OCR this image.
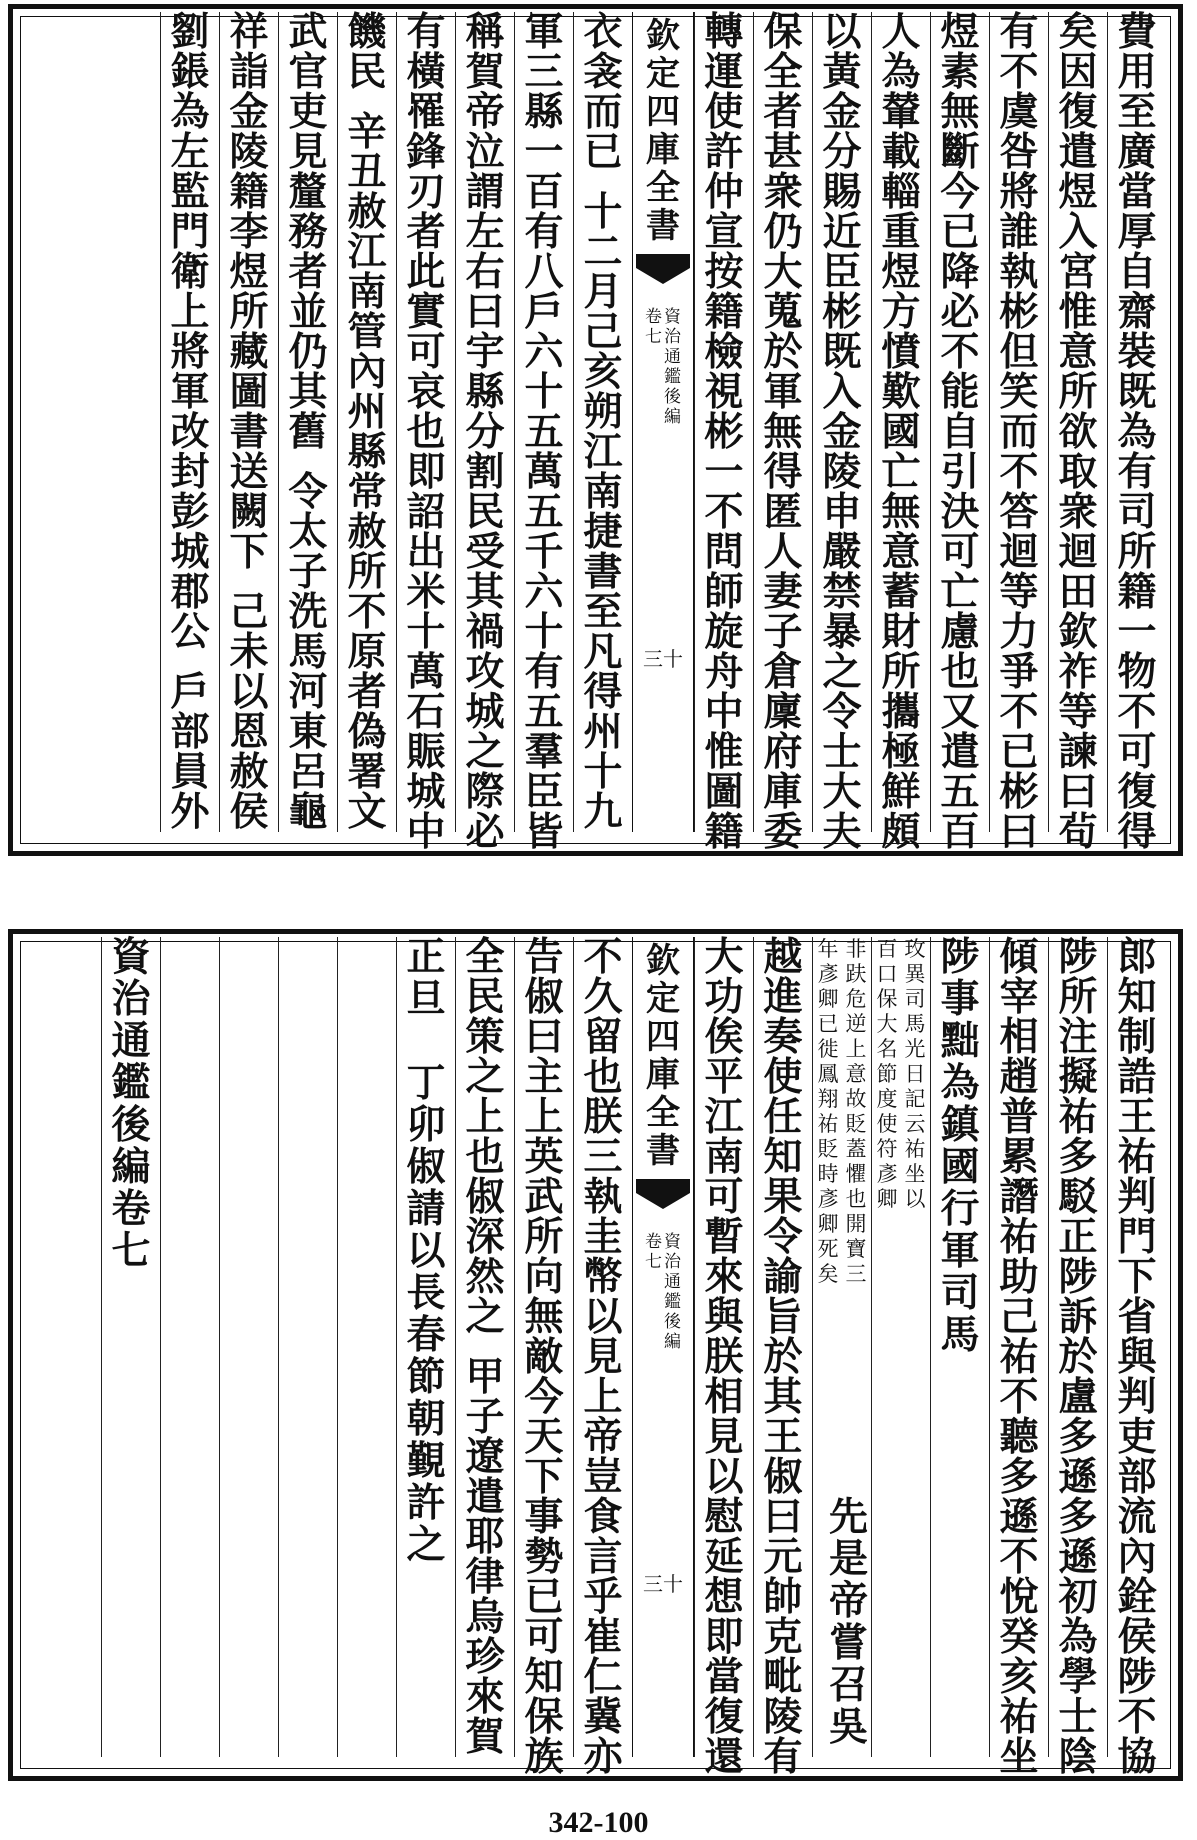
費
用
至
廣
當
厚
自
齋
裝
既
為
有
司
所
籍
一
物
不
可
復
得
矣
因
復
遣
煜
入
宮
惟
意
所
欲
取
衆
迴
田
欽
祚
等
諫
曰
茍
有
不
虞
咎
將
誰
執
彬
但
笑
而
不
答
迴
等
力
爭
不
已
彬
曰
煜
素
無
斷
今
已
降
必
不
能
自
引
決
可
亡
慮
也
又
遣
五
百
人
為
輦
載
輜
重
煜
方
憤
歎
國
亡
無
意
蓄
財
所
攜
極
鮮
頗
以
黃
金
分
賜
近
臣
彬
既
入
金
陵
申
嚴
禁
暴
之
令
士
大
夫
保
全
者
甚
衆
仍
大
蒐
於
軍
無
得
匿
人
妻
子
倉
廩
府
庫
委
轉
運
使
許
仲
宣
按
籍
檢
視
彬
一
不
問
師
旋
舟
中
惟
圖
籍
欽
定
四
庫
全
書
資
治
通
鑑
後
編
卷
七
三十
衣
衾
而
已
十
二
月
己
亥
朔
江
南
捷
書
至
凡
得
州
十
九
軍
三
縣
一
百
有
八
戶
六
十
五
萬
五
千
六
十
有
五
羣
臣
皆
稱
賀
帝
泣
謂
左
右
曰
宇
縣
分
割
民
受
其
禍
攻
城
之
際
必
有
橫
罹
鋒
刃
者
此
實
可
哀
也
即
詔
出
米
十
萬
石
賑
城
中
饑
民
辛
丑
赦
江
南
管
內
州
縣
常
赦
所
不
原
者
偽
署
文
武
官
吏
見
釐
務
者
並
仍
其
舊
令
太
子
洗
馬
河
東
呂
龜
祥
詣
金
陵
籍
李
煜
所
藏
圖
書
送
闕
下
己
未
以
恩
赦
侯
劉
鋹
為
左
監
門
衛
上
將
軍
改
封
彭
城
郡
公
戶
部
員
外
郎
知
制
誥
王
祐
判
門
下
省
與
判
吏
部
流
內
銓
侯
陟
不
協
陟
所
注
擬
祐
多
駁
正
陟
訴
於
盧
多
遜
多
遜
初
為
學
士
陰
傾
宰
相
趙
普
累
譖
祐
助
己
祐
不
聽
多
遜
不
悅
癸
亥
祐
坐
陟
事
黜
為
鎮
國
行
軍
司
馬
百
口
保
大
名
節
度
使
符
彥
卿
玫
異
司
馬
光
日
記
云
祐
坐
以
年
彥
卿
已
徙
鳳
翔
祐
貶
時
彥
卿
死
矣
非
趺
危
逆
上
意
故
貶
蓋
懼
也
開
寶
三
先
是
帝
嘗
召
吳
越
進
奏
使
任
知
果
令
諭
旨
於
其
王
俶
曰
元
帥
克
毗
陵
有
大
功
俟
平
江
南
可
暫
來
與
朕
相
見
以
慰
延
想
即
當
復
還
欽
定
四
庫
全
書
資
治
通
鑑
後
編
卷
七
三十
不
久
留
也
朕
三
執
圭
幣
以
見
上
帝
豈
食
言
乎
崔
仁
冀
亦
告
俶
曰
主
上
英
武
所
向
無
敵
今
天
下
事
勢
已
可
知
保
族
全
民
策
之
上
也
俶
深
然
之
甲
子
遼
遣
耶
律
烏
珍
來
賀
正
旦
丁
卯
俶
請
以
長
春
節
朝
覲
許
之
資
治
通
鑑
後
編
卷
七
342-100
